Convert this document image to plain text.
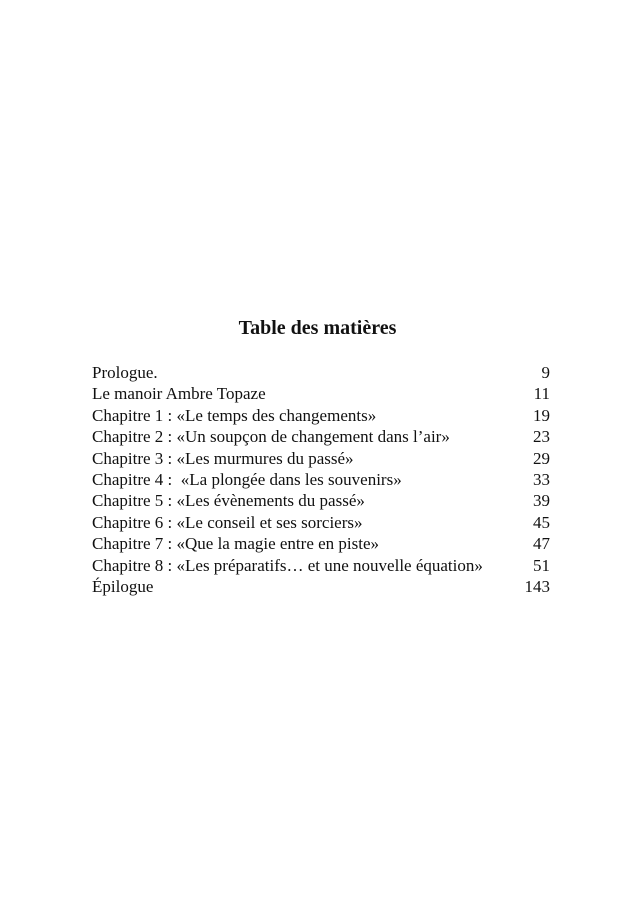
Table des matières
Prologue.	9
Le manoir Ambre Topaze	11
Chapitre 1 : «Le temps des changements»	19
Chapitre 2 : «Un soupçon de changement dans l’air»	23
Chapitre 3 : «Les murmures du passé»	29
Chapitre 4 :  «La plongée dans les souvenirs»	33
Chapitre 5 : «Les évènements du passé»	39
Chapitre 6 : «Le conseil et ses sorciers»	45
Chapitre 7 : «Que la magie entre en piste»	47
Chapitre 8 : «Les préparatifs… et une nouvelle équation»	51
Épilogue	143
